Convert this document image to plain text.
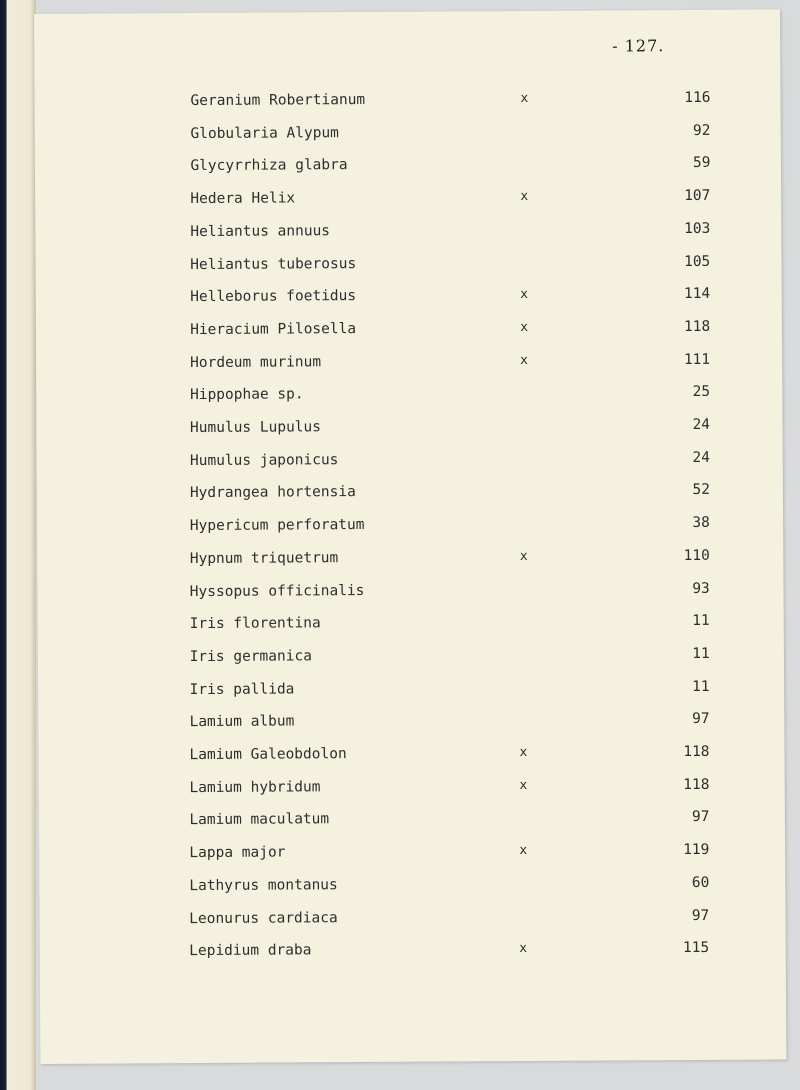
- 127.
Geranium Robertianum	x	116
Globularia Alypum	92
Glycyrrhiza glabra	59
Hedera Helix	x	107
Heliantus annuus	103
Heliantus tuberosus	105
Helleborus foetidus	x	114
Hieracium Pilosella	x	118
Hordeum murinum	x	111
Hippophae sp.	25
Humulus Lupulus	24
Humulus japonicus	24
Hydrangea hortensia	52
Hypericum perforatum	38
Hypnum triquetrum	x	110
Hyssopus officinalis	93
Iris florentina	11
Iris germanica	11
Iris pallida	11
Lamium album	97
Lamium Galeobdolon	x	118
Lamium hybridum	x	118
Lamium maculatum	97
Lappa major	x	119
Lathyrus montanus	60
Leonurus cardiaca	97
Lepidium draba	x	115
